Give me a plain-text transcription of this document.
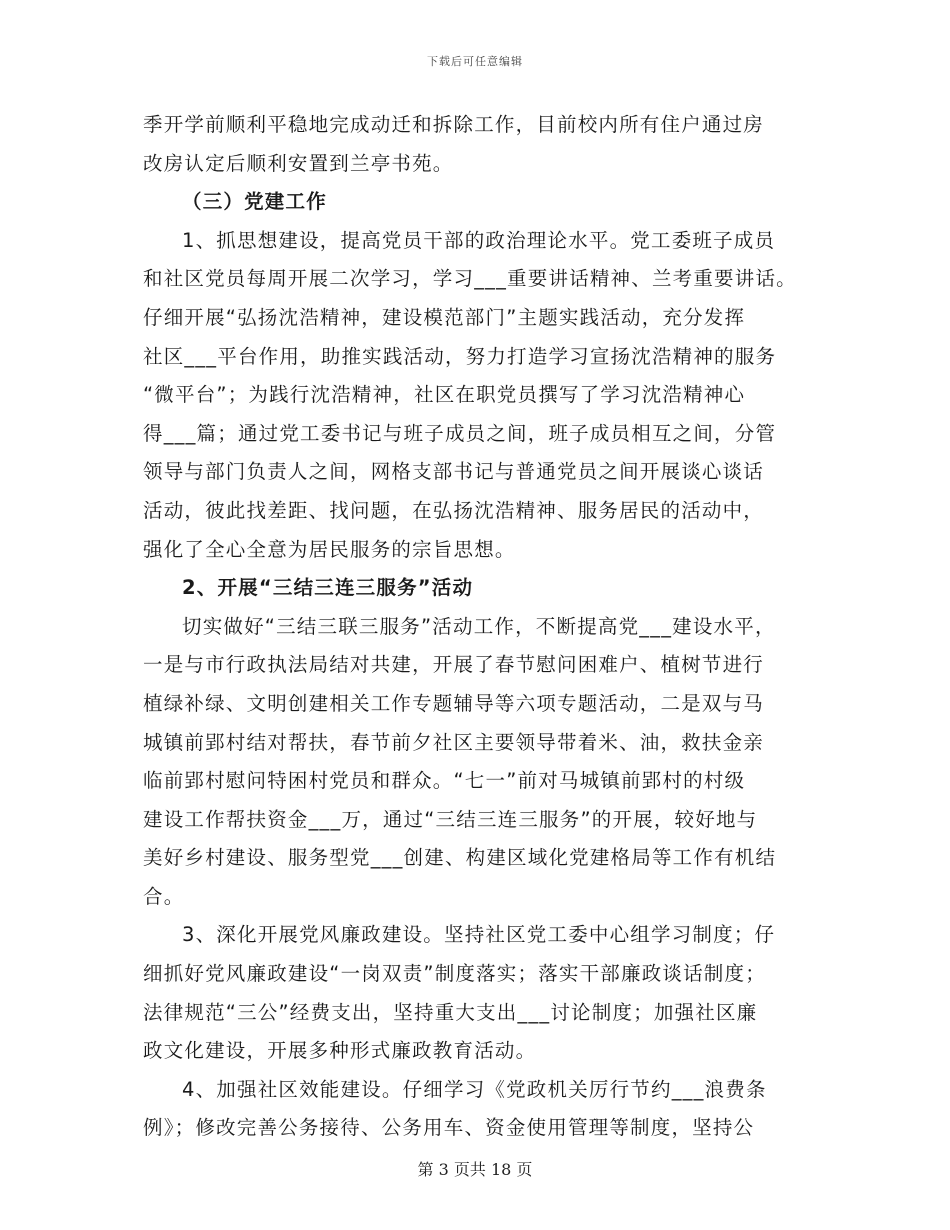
下载后可任意编辑
季开学前顺利平稳地完成动迁和拆除工作，目前校内所有住户通过房
改房认定后顺利安置到兰亭书苑。
（三）党建工作
1、抓思想建设，提高党员干部的政治理论水平。党工委班子成员
和社区党员每周开展二次学习，学习___重要讲话精神、兰考重要讲话。
仔细开展“弘扬沈浩精神，建设模范部门”主题实践活动，充分发挥
社区___平台作用，助推实践活动，努力打造学习宣扬沈浩精神的服务
“微平台”；为践行沈浩精神，社区在职党员撰写了学习沈浩精神心
得___篇；通过党工委书记与班子成员之间，班子成员相互之间，分管
领导与部门负责人之间，网格支部书记与普通党员之间开展谈心谈话
活动，彼此找差距、找问题，在弘扬沈浩精神、服务居民的活动中，
强化了全心全意为居民服务的宗旨思想。
2、开展“三结三连三服务”活动
切实做好“三结三联三服务”活动工作，不断提高党___建设水平，
一是与市行政执法局结对共建，开展了春节慰问困难户、植树节进行
植绿补绿、文明创建相关工作专题辅导等六项专题活动，二是双与马
城镇前郢村结对帮扶，春节前夕社区主要领导带着米、油，救扶金亲
临前郢村慰问特困村党员和群众。“七一”前对马城镇前郢村的村级
建设工作帮扶资金___万，通过“三结三连三服务”的开展，较好地与
美好乡村建设、服务型党___创建、构建区域化党建格局等工作有机结
合。
3、深化开展党风廉政建设。坚持社区党工委中心组学习制度；仔
细抓好党风廉政建设“一岗双责”制度落实；落实干部廉政谈话制度；
法律规范“三公”经费支出，坚持重大支出___讨论制度；加强社区廉
政文化建设，开展多种形式廉政教育活动。
4、加强社区效能建设。仔细学习《党政机关厉行节约___浪费条
例》；修改完善公务接待、公务用车、资金使用管理等制度，坚持公
第 3 页共 18 页
